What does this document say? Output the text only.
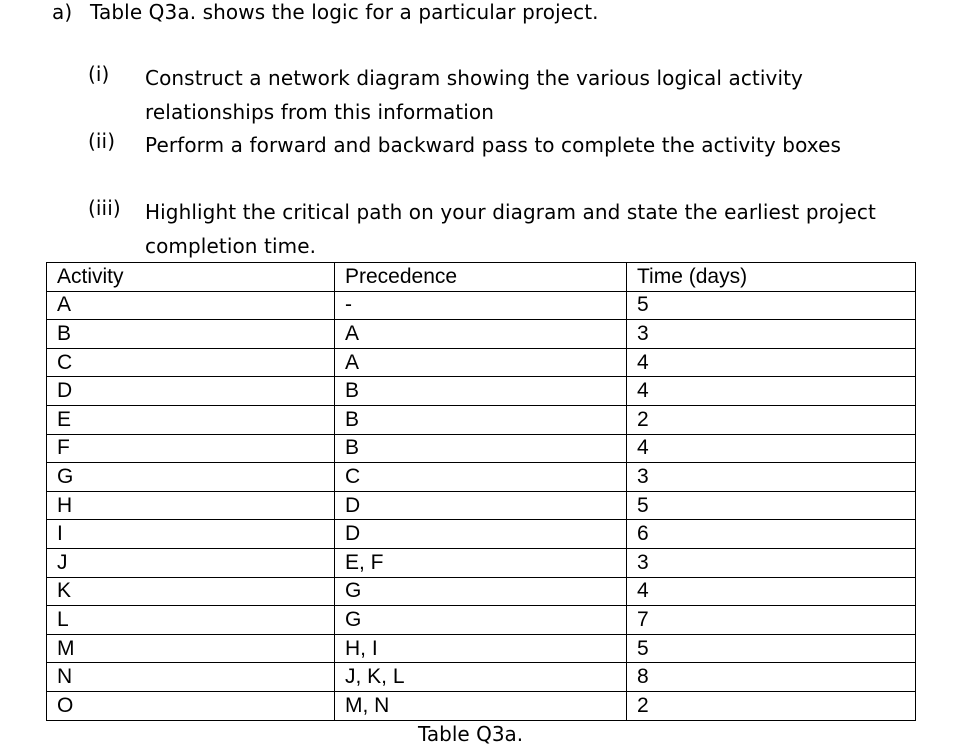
a) Table Q3a. shows the logic for a particular project.
(i) Construct a network diagram showing the various logical activity relationships from this information
(ii) Perform a forward and backward pass to complete the activity boxes
(iii) Highlight the critical path on your diagram and state the earliest project completion time.
Activity	Precedence	Time (days)
A	-	5
B	A	3
C	A	4
D	B	4
E	B	2
F	B	4
G	C	3
H	D	5
I	D	6
J	E, F	3
K	G	4
L	G	7
M	H, I	5
N	J, K, L	8
O	M, N	2
Table Q3a.
